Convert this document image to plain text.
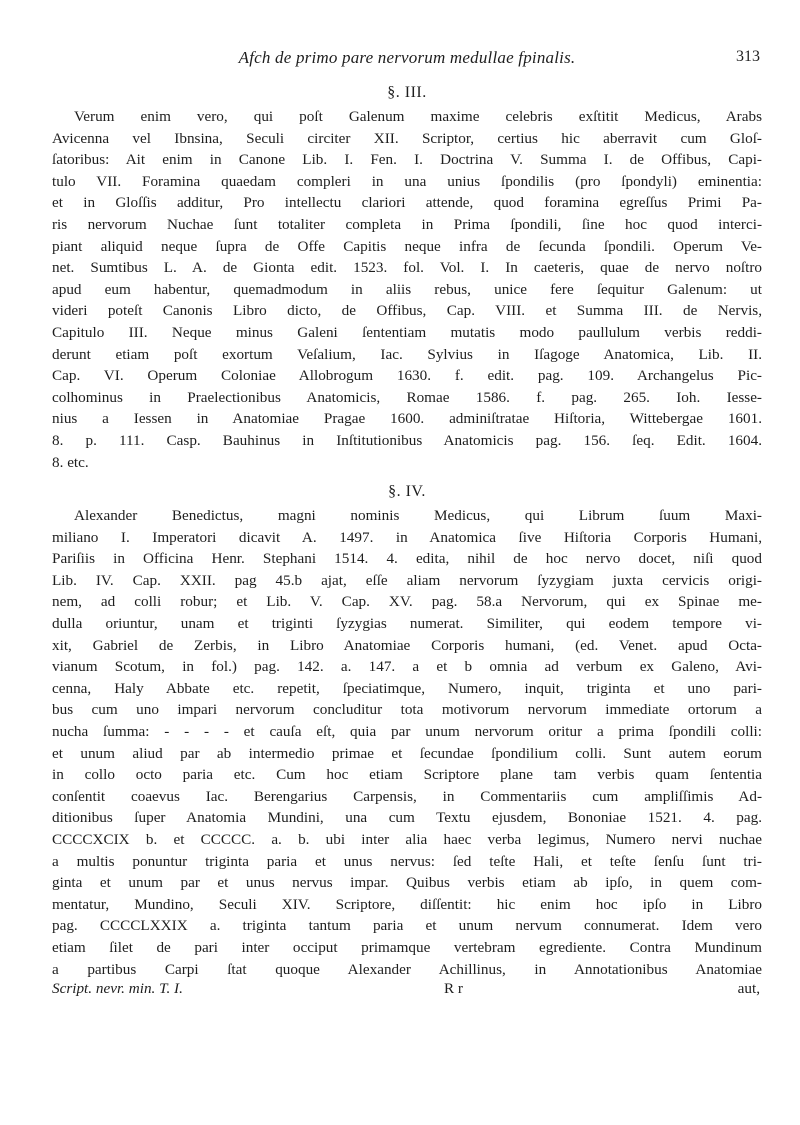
Afch de primo pare nervorum medullae fpinalis.	313
§. III.
Verum enim vero, qui poſt Galenum maxime celebris exſtitit Medicus, Arabs
Avicenna vel Ibnsina, Seculi circiter XII. Scriptor, certius hic aberravit cum Gloſ-
ſatoribus: Ait enim in Canone Lib. I. Fen. I. Doctrina V. Summa I. de Offibus, Capi-
tulo VII. Foramina quaedam compleri in una unius ſpondilis (pro ſpondyli) eminentia:
et in Gloſſis additur, Pro intellectu clariori attende, quod foramina egreſſus Primi Pa-
ris nervorum Nuchae ſunt totaliter completa in Prima ſpondili, ſine hoc quod interci-
piant aliquid neque ſupra de Offe Capitis neque infra de ſecunda ſpondili. Operum Ve-
net. Sumtibus L. A. de Gionta edit. 1523. fol. Vol. I. In caeteris, quae de nervo noſtro
apud eum habentur, quemadmodum in aliis rebus, unice fere ſequitur Galenum: ut
videri poteſt Canonis Libro dicto, de Offibus, Cap. VIII. et Summa III. de Nervis,
Capitulo III. Neque minus Galeni ſententiam mutatis modo paullulum verbis reddi-
derunt etiam poſt exortum Veſalium, Iac. Sylvius in Iſagoge Anatomica, Lib. II.
Cap. VI. Operum Coloniae Allobrogum 1630. f. edit. pag. 109. Archangelus Pic-
colhominus in Praelectionibus Anatomicis, Romae 1586. f. pag. 265. Ioh. Iesse-
nius a Iessen in Anatomiae Pragae 1600. adminiſtratae Hiſtoria, Wittebergae 1601.
8. p. 111. Casp. Bauhinus in Inſtitutionibus Anatomicis pag. 156. ſeq. Edit. 1604.
8. etc.
§. IV.
Alexander Benedictus, magni nominis Medicus, qui Librum ſuum Maxi-
miliano I. Imperatori dicavit A. 1497. in Anatomica ſive Hiſtoria Corporis Humani,
Pariſiis in Officina Henr. Stephani 1514. 4. edita, nihil de hoc nervo docet, niſi quod
Lib. IV. Cap. XXII. pag 45.b ajat, eſſe aliam nervorum ſyzygiam juxta cervicis origi-
nem, ad colli robur; et Lib. V. Cap. XV. pag. 58.a Nervorum, qui ex Spinae me-
dulla oriuntur, unam et triginti ſyzygias numerat. Similiter, qui eodem tempore vi-
xit, Gabriel de Zerbis, in Libro Anatomiae Corporis humani, (ed. Venet. apud Octa-
vianum Scotum, in fol.) pag. 142. a. 147. a et b omnia ad verbum ex Galeno, Avi-
cenna, Haly Abbate etc. repetit, ſpeciatimque, Numero, inquit, triginta et uno pari-
bus cum uno impari nervorum concluditur tota motivorum nervorum immediate ortorum a
nucha ſumma: - - - - et cauſa eſt, quia par unum nervorum oritur a prima ſpondili colli:
et unum aliud par ab intermedio primae et ſecundae ſpondilium colli. Sunt autem eorum
in collo octo paria etc. Cum hoc etiam Scriptore plane tam verbis quam ſententia
conſentit coaevus Iac. Berengarius Carpensis, in Commentariis cum ampliſſimis Ad-
ditionibus ſuper Anatomia Mundini, una cum Textu ejusdem, Bononiae 1521. 4. pag.
CCCCXCIX b. et CCCCC. a. b. ubi inter alia haec verba legimus, Numero nervi nuchae
a multis ponuntur triginta paria et unus nervus: ſed teſte Hali, et teſte ſenſu ſunt tri-
ginta et unum par et unus nervus impar. Quibus verbis etiam ab ipſo, in quem com-
mentatur, Mundino, Seculi XIV. Scriptore, diſſentit: hic enim hoc ipſo in Libro
pag. CCCCLXXIX a. triginta tantum paria et unum nervum connumerat. Idem vero
etiam ſilet de pari inter occiput primamque vertebram egrediente. Contra Mundinum
a partibus Carpi ſtat quoque Alexander Achillinus, in Annotationibus Anatomiae
Script. nevr. min. T. I.	R r	aut,
